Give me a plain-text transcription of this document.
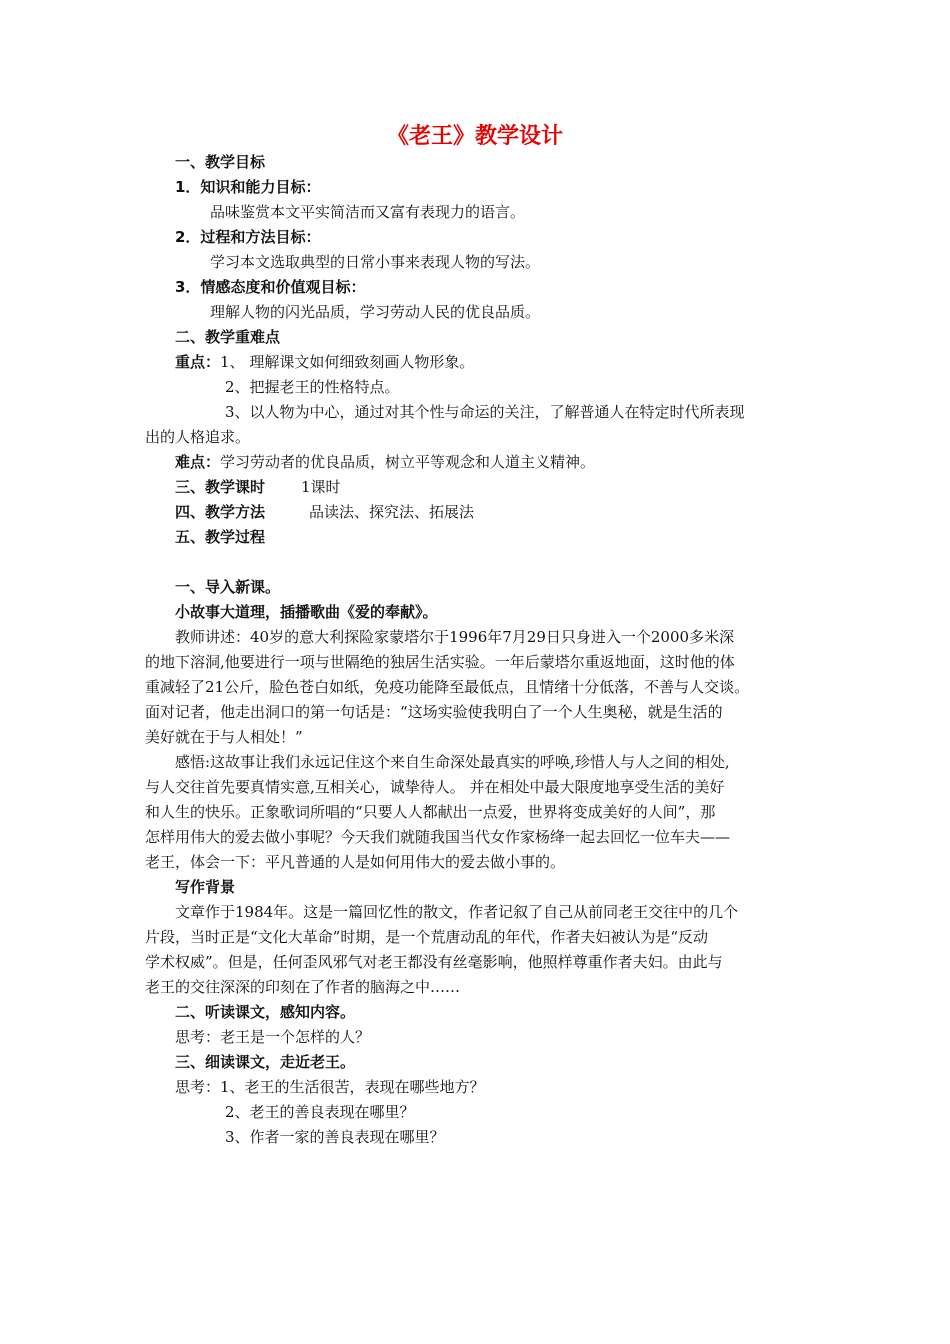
《老王》教学设计
一、教学目标
1．知识和能力目标：
品味鉴赏本文平实简洁而又富有表现力的语言。
2．过程和方法目标：
学习本文选取典型的日常小事来表现人物的写法。
3．情感态度和价值观目标：
理解人物的闪光品质，学习劳动人民的优良品质。
二、教学重难点
重点：1、 理解课文如何细致刻画人物形象。
2、把握老王的性格特点。
3、以人物为中心，通过对其个性与命运的关注，了解普通人在特定时代所表现
出的人格追求。
难点：学习劳动者的优良品质，树立平等观念和人道主义精神。
三、教学课时 1课时
四、教学方法	品读法、探究法、拓展法
五、教学过程
一、导入新课。
小故事大道理，插播歌曲《爱的奉献》。
教师讲述：40岁的意大利探险家蒙塔尔于1996年7月29日只身进入一个2000多米深
的地下溶洞,他要进行一项与世隔绝的独居生活实验。一年后蒙塔尔重返地面，这时他的体
重减轻了21公斤，脸色苍白如纸，免疫功能降至最低点，且情绪十分低落，不善与人交谈。
面对记者，他走出洞口的第一句话是：“这场实验使我明白了一个人生奥秘，就是生活的
美好就在于与人相处！”
感悟:这故事让我们永远记住这个来自生命深处最真实的呼唤,珍惜人与人之间的相处,
与人交往首先要真情实意,互相关心，诚挚待人。 并在相处中最大限度地享受生活的美好
和人生的快乐。正象歌词所唱的“只要人人都献出一点爱，世界将变成美好的人间”，那
怎样用伟大的爱去做小事呢？今天我们就随我国当代女作家杨绛一起去回忆一位车夫——
老王，体会一下：平凡普通的人是如何用伟大的爱去做小事的。
写作背景
文章作于1984年。这是一篇回忆性的散文，作者记叙了自己从前同老王交往中的几个
片段，当时正是“文化大革命”时期，是一个荒唐动乱的年代，作者夫妇被认为是“反动
学术权威”。但是，任何歪风邪气对老王都没有丝毫影响，他照样尊重作者夫妇。由此与
老王的交往深深的印刻在了作者的脑海之中……
二、听读课文，感知内容。
思考：老王是一个怎样的人？
三、细读课文，走近老王。
思考：1、老王的生活很苦，表现在哪些地方？
2、老王的善良表现在哪里？
3、作者一家的善良表现在哪里？
